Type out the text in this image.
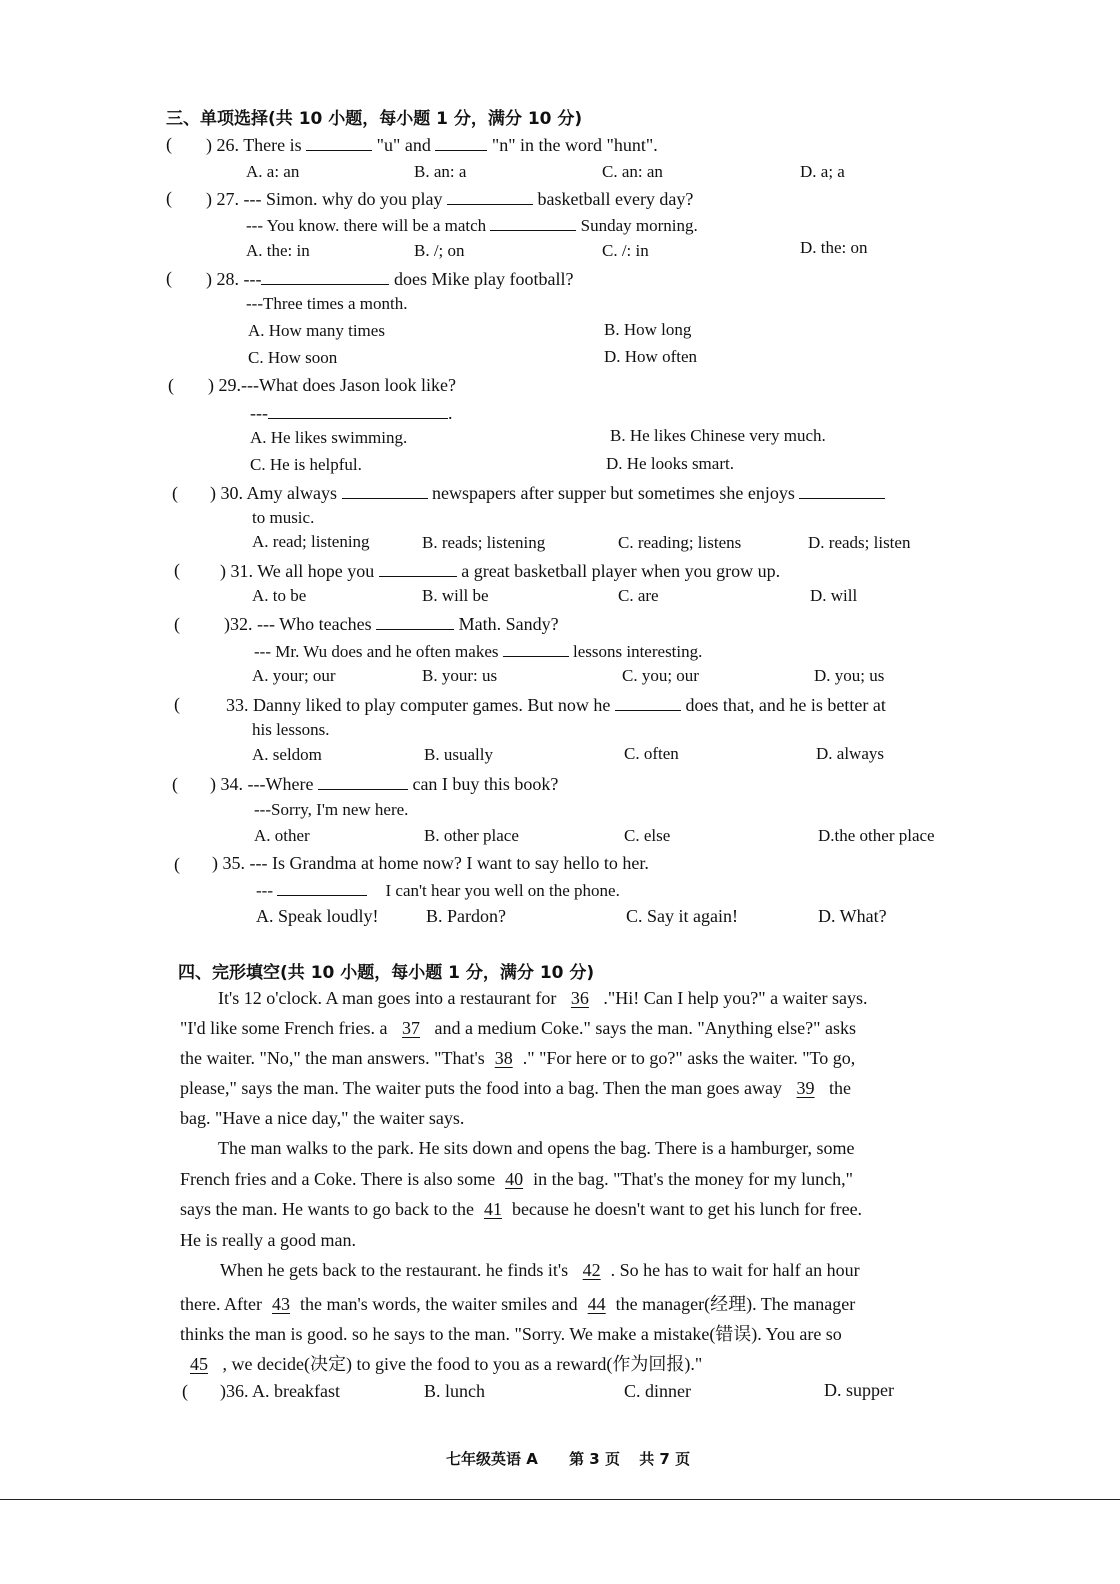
三、单项选择(共 10 小题，每小题 1 分，满分 10 分)
( ) 26. There is	"u" and	"n" in the word "hunt".
A. a: an	B. an: a	C. an: an	D. a; a
( ) 27. --- Simon. why do you play	basketball every day?
--- You know. there will be a match	Sunday morning.
A. the: in	B. /; on	C. /: in	D. the: on
( ) 28. ---	does Mike play football?
---Three times a month.
A. How many times	B. How long
C. How soon	D. How often
( ) 29.---What does Jason look like?
---	.
A. He likes swimming.	B. He likes Chinese very much.
C. He is helpful.	D. He looks smart.
( ) 30. Amy always	newspapers after supper but sometimes she enjoys
to music.
A. read; listening	B. reads; listening	C. reading; listens	D. reads; listen
( ) 31. We all hope you	a great basketball player when you grow up.
A. to be	B. will be	C. are	D. will
( )32. --- Who teaches	Math. Sandy?
--- Mr. Wu does and he often makes	lessons interesting.
A. your; our	B. your: us	C. you; our	D. you; us
(	33. Danny liked to play computer games. But now he	does that, and he is better at
his lessons.
A. seldom	B. usually	C. often	D. always
( ) 34. ---Where	can I buy this book?
---Sorry, I'm new here.
A. other	B. other place	C. else	D.the other place
( ) 35. --- Is Grandma at home now? I want to say hello to her.
---	I can't hear you well on the phone.
A. Speak loudly!	B. Pardon?	C. Say it again!	D. What?
四、完形填空(共 10 小题，每小题 1 分，满分 10 分)
It's 12 o'clock. A man goes into a restaurant for 36 ."Hi! Can I help you?" a waiter says.
"I'd like some French fries. a 37 and a medium Coke." says the man. "Anything else?" asks
the waiter. "No," the man answers. "That's 38 ." "For here or to go?" asks the waiter. "To go,
please," says the man. The waiter puts the food into a bag. Then the man goes away 39 the
bag. "Have a nice day," the waiter says.
The man walks to the park. He sits down and opens the bag. There is a hamburger, some
French fries and a Coke. There is also some 40 in the bag. "That's the money for my lunch,"
says the man. He wants to go back to the 41 because he doesn't want to get his lunch for free.
He is really a good man.
When he gets back to the restaurant. he finds it's 42 . So he has to wait for half an hour
there. After 43 the man's words, the waiter smiles and 44 the manager(经理). The manager
thinks the man is good. so he says to the man. "Sorry. We make a mistake(错误). You are so
45 , we decide(决定) to give the food to you as a reward(作为回报)."
( )36. A. breakfast	B. lunch	C. dinner	D. supper
七年级英语 A 第 3 页 共 7 页
